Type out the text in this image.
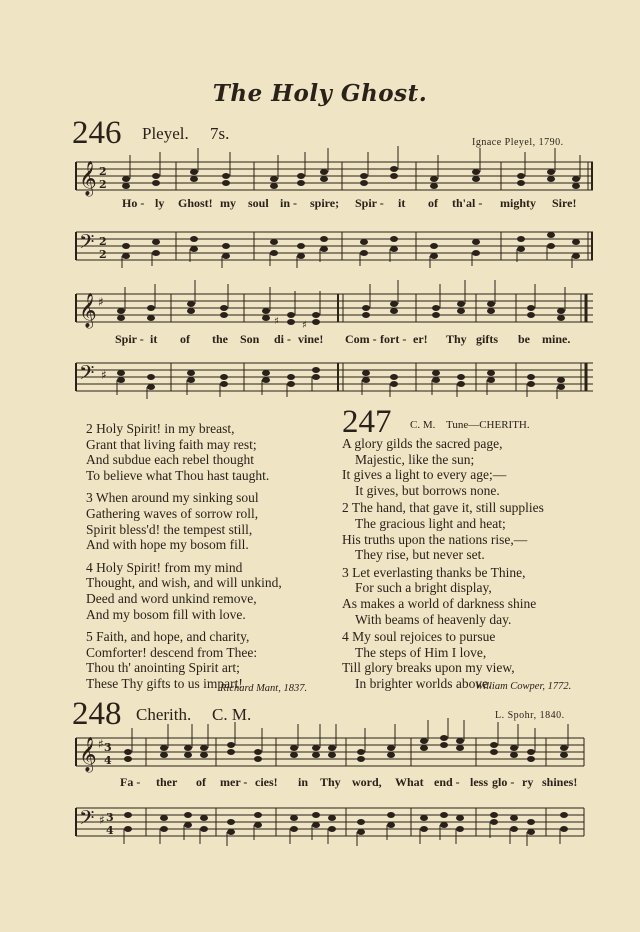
The Holy Ghost.
246 Pleyel. 7s.	Ignace Pleyel, 1790.
𝄞 2
2
Ho - ly Ghost! my soul in - spire; Spir - it of th'al - mighty Sire!
𝄢 2
2
𝄞 ♯
♯ ♯
Spir - it of the Son di - vine! Com - fort - er! Thy gifts be mine.
𝄢 ♯
2 Holy Spirit! in my breast,
Grant that living faith may rest;
And subdue each rebel thought
To believe what Thou hast taught.
3 When around my sinking soul
Gathering waves of sorrow roll,
Spirit bless'd! the tempest still,
And with hope my bosom fill.
4 Holy Spirit! from my mind
Thought, and wish, and will unkind,
Deed and word unkind remove,
And my bosom fill with love.
5 Faith, and hope, and charity,
Comforter! descend from Thee:
Thou th' anointing Spirit art;
These Thy gifts to us impart!
Richard Mant, 1837.
247 C. M. Tune—CHERITH.
A glory gilds the sacred page,
Majestic, like the sun;
It gives a light to every age;—
It gives, but borrows none.
2 The hand, that gave it, still supplies
The gracious light and heat;
His truths upon the nations rise,—
They rise, but never set.
3 Let everlasting thanks be Thine,
For such a bright display,
As makes a world of darkness shine
With beams of heavenly day.
4 My soul rejoices to pursue
The steps of Him I love,
Till glory breaks upon my view,
In brighter worlds above.
William Cowper, 1772.
248 Cherith. C. M.	L. Spohr, 1840.
𝄞 ♯ 3
4
Fa - ther of mer - cies! in Thy word, What end - less glo - ry shines!
𝄢 ♯ 3
4
